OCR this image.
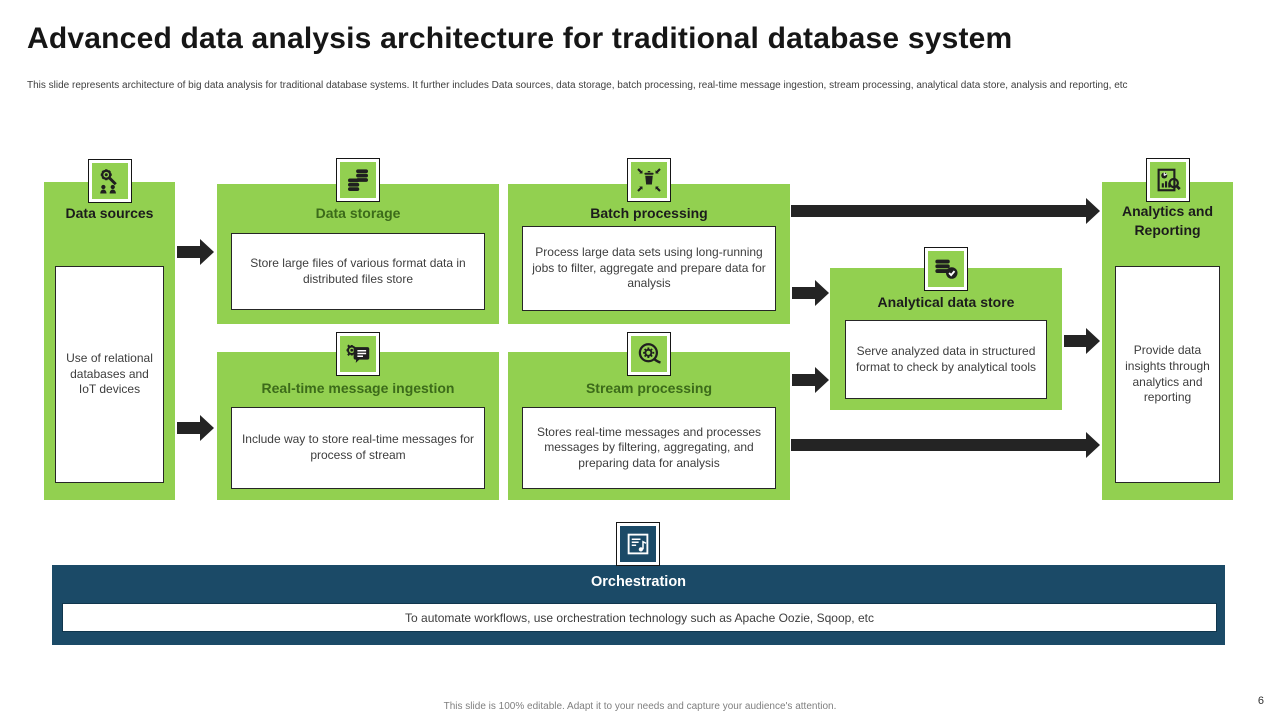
Advanced data analysis architecture for traditional database system
This slide represents architecture of big data analysis for traditional database systems. It further includes Data sources, data storage, batch processing, real-time message ingestion, stream processing, analytical data store, analysis and reporting, etc
Data sources
Use of relational databases and IoT devices
Data storage
Store large files of various format data in distributed files store
Batch processing
Process large data sets using long-running jobs to filter, aggregate and prepare data for analysis
Real-time message ingestion
Include way to store real-time messages for process of stream
Stream processing
Stores real-time messages and processes messages by filtering, aggregating, and preparing data for analysis
Analytical data store
Serve analyzed data in structured format to check by analytical tools
Analytics and Reporting
Provide data insights through analytics and reporting
Orchestration
To automate workflows, use orchestration technology such as Apache Oozie, Sqoop, etc
This slide is 100% editable. Adapt it to your needs and capture your audience's attention.	6
